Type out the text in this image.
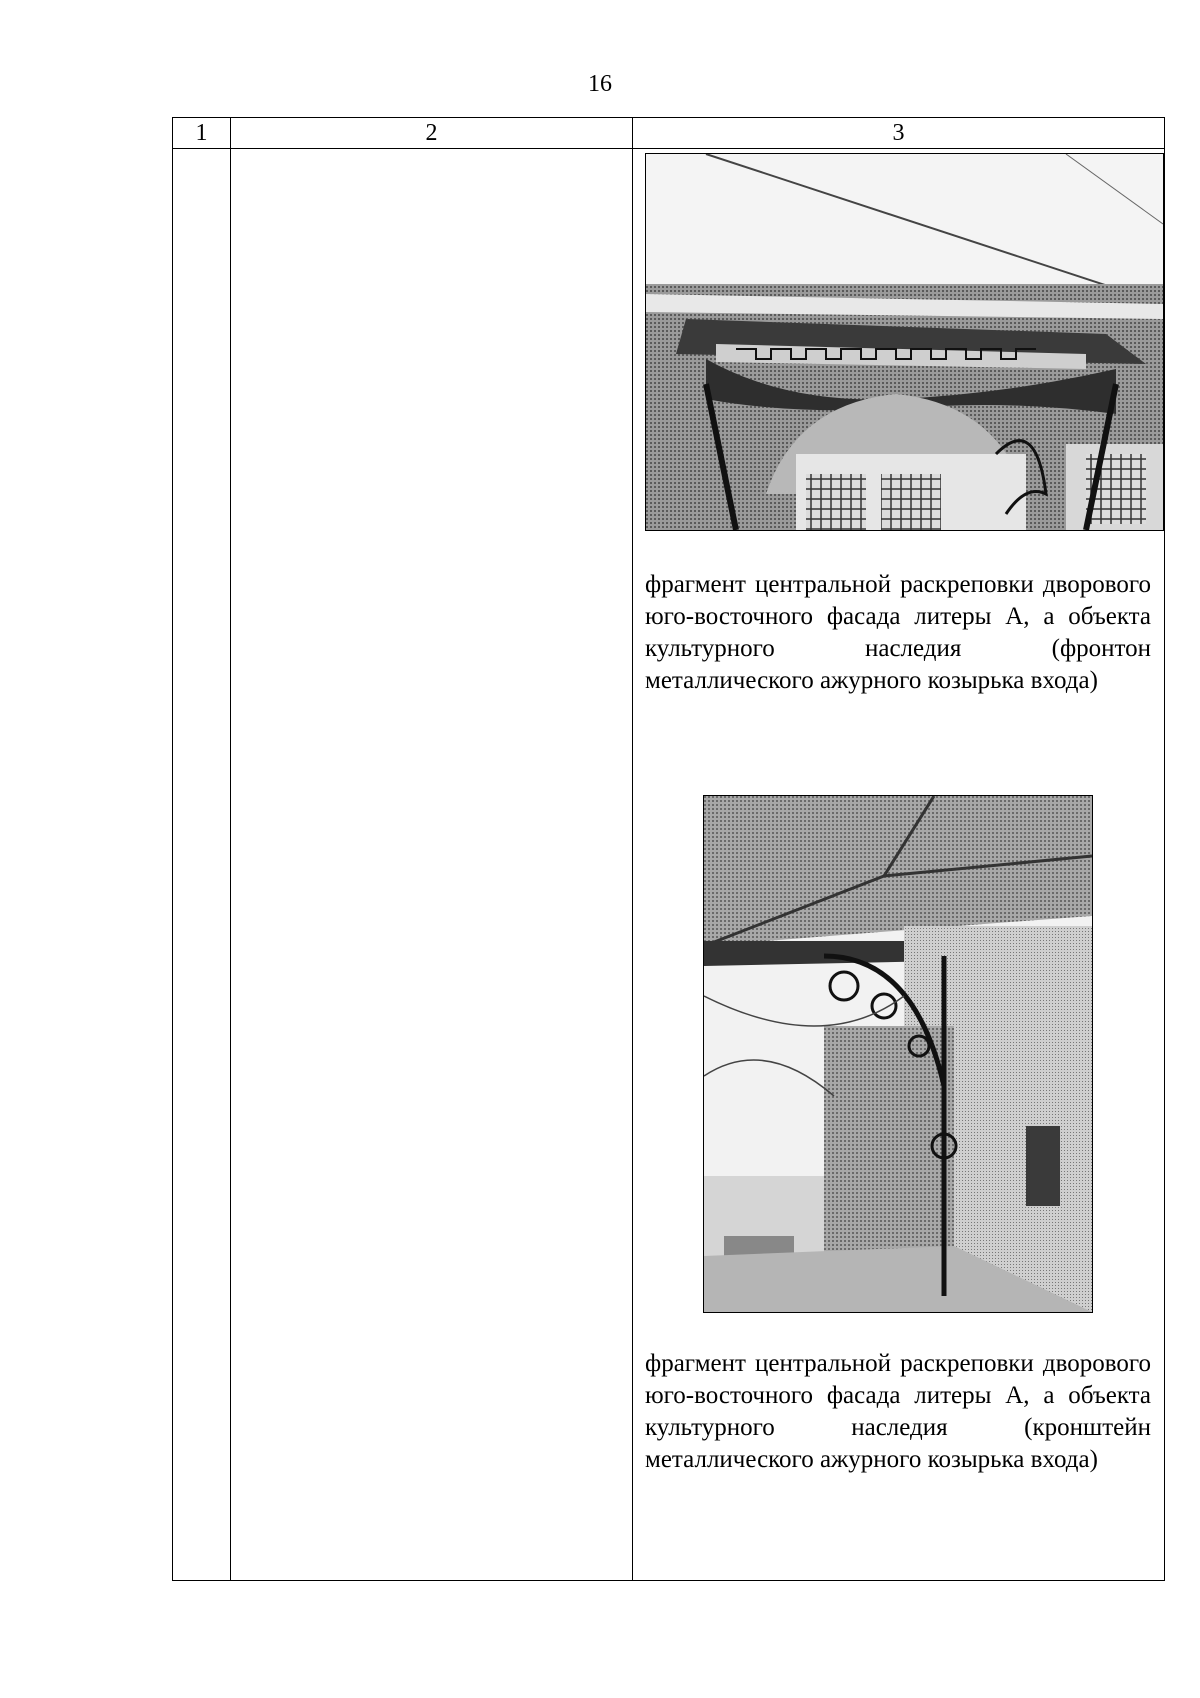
16
1	2	3

		фрагмент центральной раскреповки дворового юго-восточного фасада литеры А, а объекта культурного наследия (фронтон металлического ажурного козырька входа)
фрагмент центральной раскреповки дворового юго-восточного фасада литеры А, а объекта культурного наследия (кронштейн металлического ажурного козырька входа)
